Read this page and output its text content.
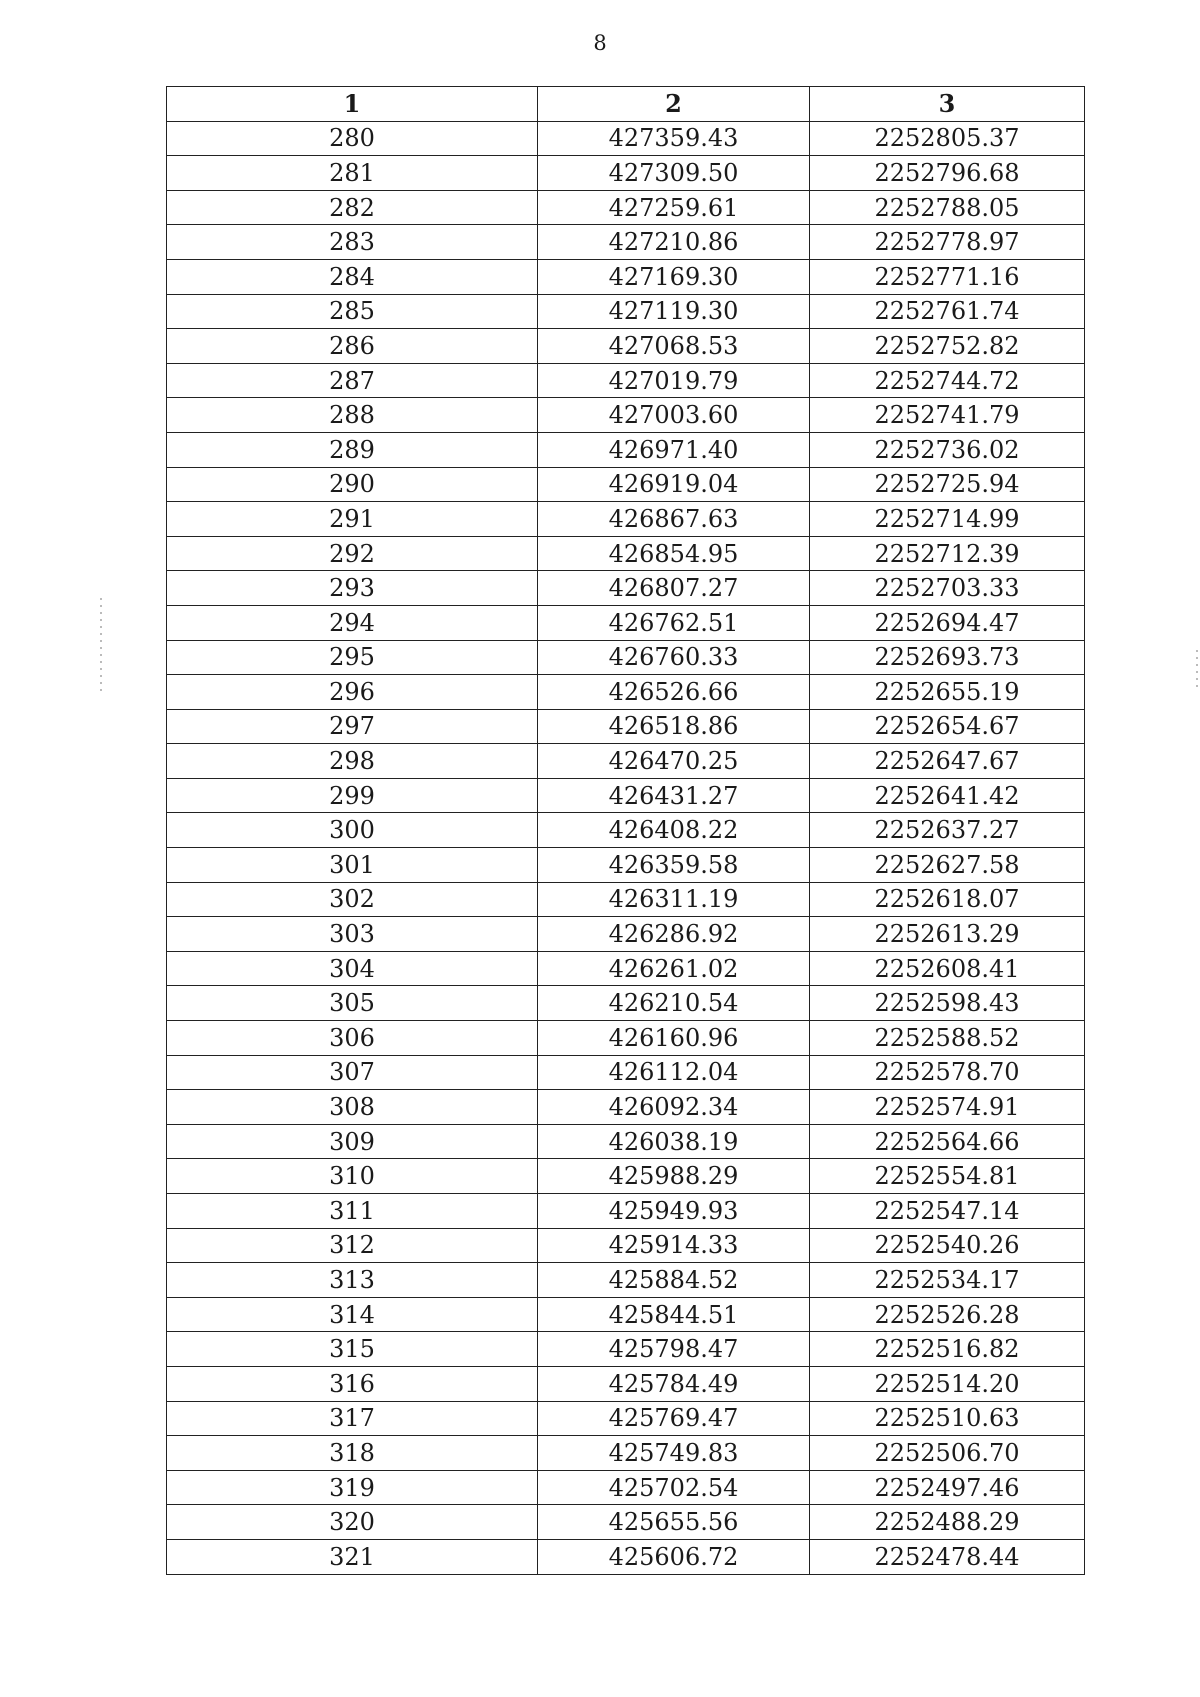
8
1	2	3
280	427359.43	2252805.37
281	427309.50	2252796.68
282	427259.61	2252788.05
283	427210.86	2252778.97
284	427169.30	2252771.16
285	427119.30	2252761.74
286	427068.53	2252752.82
287	427019.79	2252744.72
288	427003.60	2252741.79
289	426971.40	2252736.02
290	426919.04	2252725.94
291	426867.63	2252714.99
292	426854.95	2252712.39
293	426807.27	2252703.33
294	426762.51	2252694.47
295	426760.33	2252693.73
296	426526.66	2252655.19
297	426518.86	2252654.67
298	426470.25	2252647.67
299	426431.27	2252641.42
300	426408.22	2252637.27
301	426359.58	2252627.58
302	426311.19	2252618.07
303	426286.92	2252613.29
304	426261.02	2252608.41
305	426210.54	2252598.43
306	426160.96	2252588.52
307	426112.04	2252578.70
308	426092.34	2252574.91
309	426038.19	2252564.66
310	425988.29	2252554.81
311	425949.93	2252547.14
312	425914.33	2252540.26
313	425884.52	2252534.17
314	425844.51	2252526.28
315	425798.47	2252516.82
316	425784.49	2252514.20
317	425769.47	2252510.63
318	425749.83	2252506.70
319	425702.54	2252497.46
320	425655.56	2252488.29
321	425606.72	2252478.44
